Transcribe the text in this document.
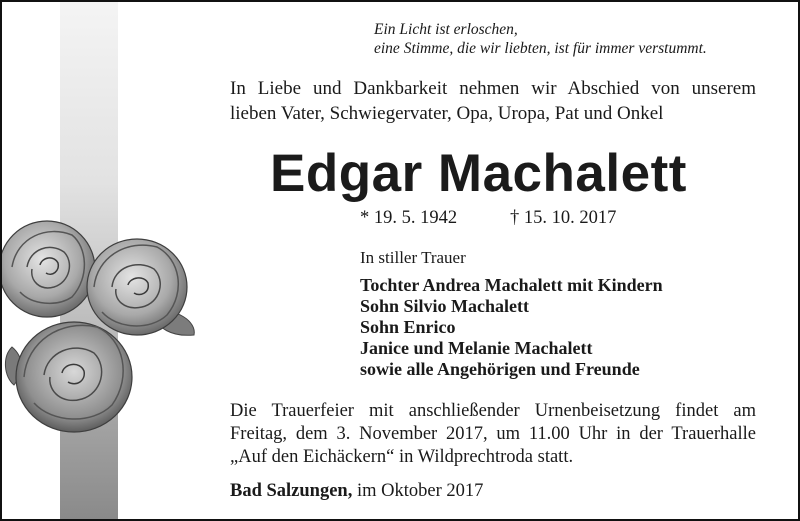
Ein Licht ist erloschen,
eine Stimme, die wir liebten, ist für immer verstummt.
In Liebe und Dankbarkeit nehmen wir Abschied von unserem
lieben Vater, Schwiegervater, Opa, Uropa, Pat und Onkel
Edgar Machalett
* 19. 5. 1942	† 15. 10. 2017
In stiller Trauer
Tochter Andrea Machalett mit Kindern
Sohn Silvio Machalett
Sohn Enrico
Janice und Melanie Machalett
sowie alle Angehörigen und Freunde
Die Trauerfeier mit anschließender Urnenbeisetzung findet am
Freitag, dem 3. November 2017, um 11.00 Uhr in der Trauerhalle
„Auf den Eichäckern“ in Wildprechtroda statt.
Bad Salzungen, im Oktober 2017
